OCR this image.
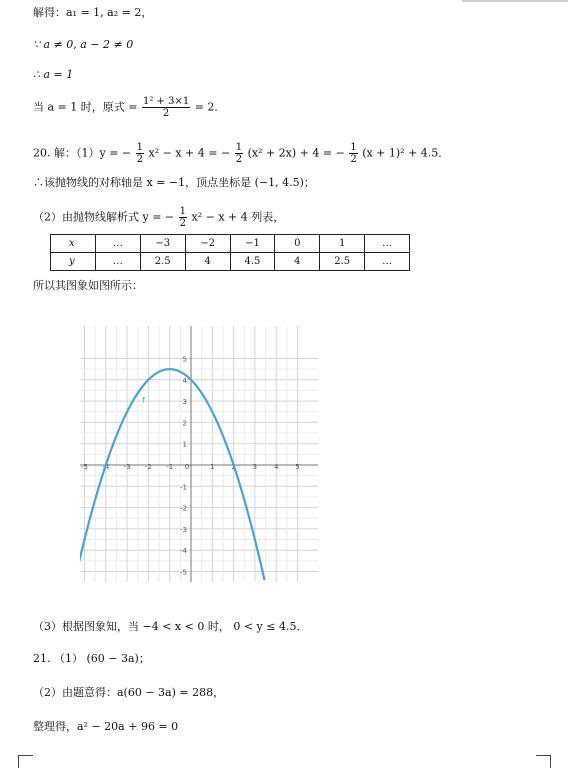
解得：a₁ = 1, a₂ = 2，
∵ a ≠ 0, a − 2 ≠ 0
∴ a = 1
当 a = 1 时，原式 = $\frac{\text{1² + 3×1}}{2} = 2$．
20. 解：（1）y = − $\frac{1}{2} x^2 - x + 4$ = − $\frac{1}{2} (x^2 + 2x) + 4$ = − $\frac{1}{2} (x + 1)^2 + 4.5$．
∴该抛物线的对称轴是 x = −1，顶点坐标是 (−1, 4.5)；
（2）由抛物线解析式 y = − $\frac{1}{2} x^2 - x + 4$ 列表，
x	…	−3	−2	−1	0	1	…
y	…	2.5	4	4.5	4	2.5	…
所以其图象如图所示：
-5 -4 -3 -2 -1 0	1 2 3 4 5
5
4
3
2
1
-1
-2
-3
-4
-5
f
（3）根据图象知，当 −4 < x < 0 时， 0 < y ≤ 4.5．
21. （1） (60 − 3a)；
（2）由题意得：a(60 − 3a) = 288，
整理得，a² − 20a + 96 = 0
